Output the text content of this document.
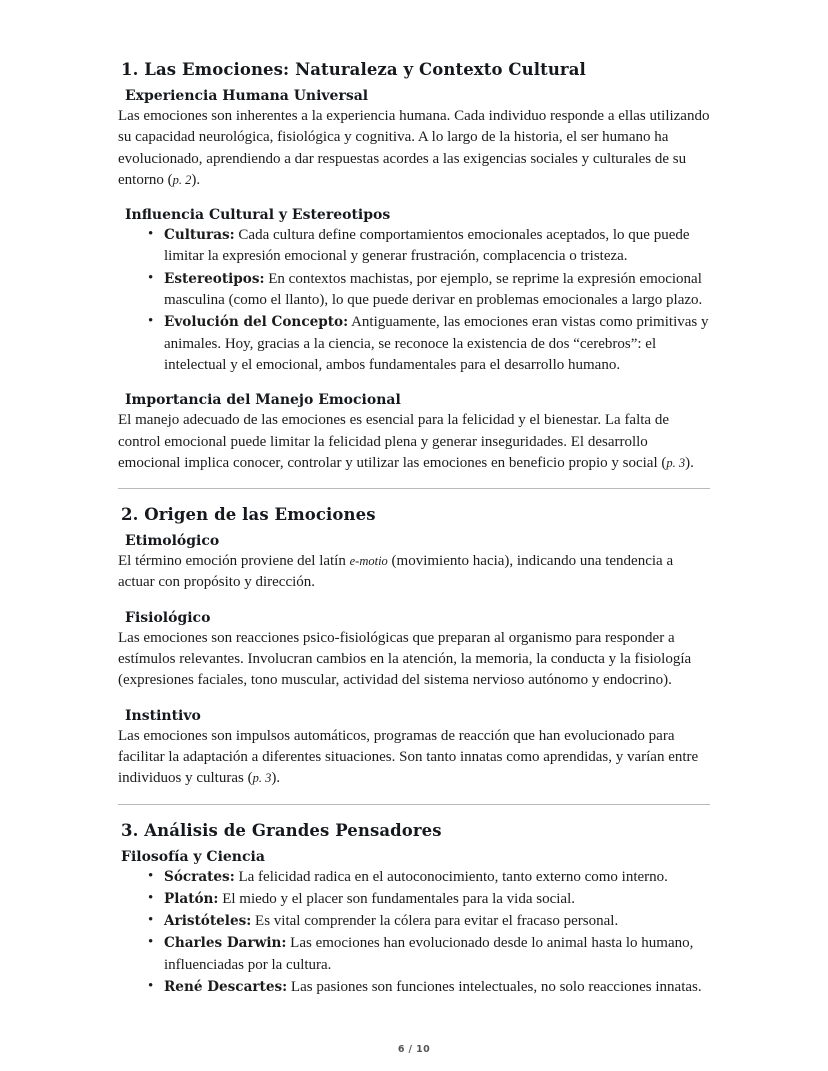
1. Las Emociones: Naturaleza y Contexto Cultural
Experiencia Humana Universal

Las emociones son inherentes a la experiencia humana. Cada individuo responde a ellas utilizando su capacidad neurológica, fisiológica y cognitiva. A lo largo de la historia, el ser humano ha evolucionado, aprendiendo a dar respuestas acordes a las exigencias sociales y culturales de su entorno (p. 2).

Influencia Cultural y Estereotipos
• Culturas: Cada cultura define comportamientos emocionales aceptados, lo que puede limitar la expresión emocional y generar frustración, complacencia o tristeza.
• Estereotipos: En contextos machistas, por ejemplo, se reprime la expresión emocional masculina (como el llanto), lo que puede derivar en problemas emocionales a largo plazo.
• Evolución del Concepto: Antiguamente, las emociones eran vistas como primitivas y animales. Hoy, gracias a la ciencia, se reconoce la existencia de dos “cerebros”: el intelectual y el emocional, ambos fundamentales para el desarrollo humano.
Importancia del Manejo Emocional

El manejo adecuado de las emociones es esencial para la felicidad y el bienestar. La falta de control emocional puede limitar la felicidad plena y generar inseguridades. El desarrollo emocional implica conocer, controlar y utilizar las emociones en beneficio propio y social (p. 3).

2. Origen de las Emociones
Etimológico

El término emoción proviene del latín e-motio (movimiento hacia), indicando una tendencia a actuar con propósito y dirección.

Fisiológico

Las emociones son reacciones psico-fisiológicas que preparan al organismo para responder a estímulos relevantes. Involucran cambios en la atención, la memoria, la conducta y la fisiología (expresiones faciales, tono muscular, actividad del sistema nervioso autónomo y endocrino).

Instintivo

Las emociones son impulsos automáticos, programas de reacción que han evolucionado para facilitar la adaptación a diferentes situaciones. Son tanto innatas como aprendidas, y varían entre individuos y culturas (p. 3).

3. Análisis de Grandes Pensadores
Filosofía y Ciencia
• Sócrates: La felicidad radica en el autoconocimiento, tanto externo como interno.
• Platón: El miedo y el placer son fundamentales para la vida social.
• Aristóteles: Es vital comprender la cólera para evitar el fracaso personal.
• Charles Darwin: Las emociones han evolucionado desde lo animal hasta lo humano, influenciadas por la cultura.
• René Descartes: Las pasiones son funciones intelectuales, no solo reacciones innatas.
6 / 10
